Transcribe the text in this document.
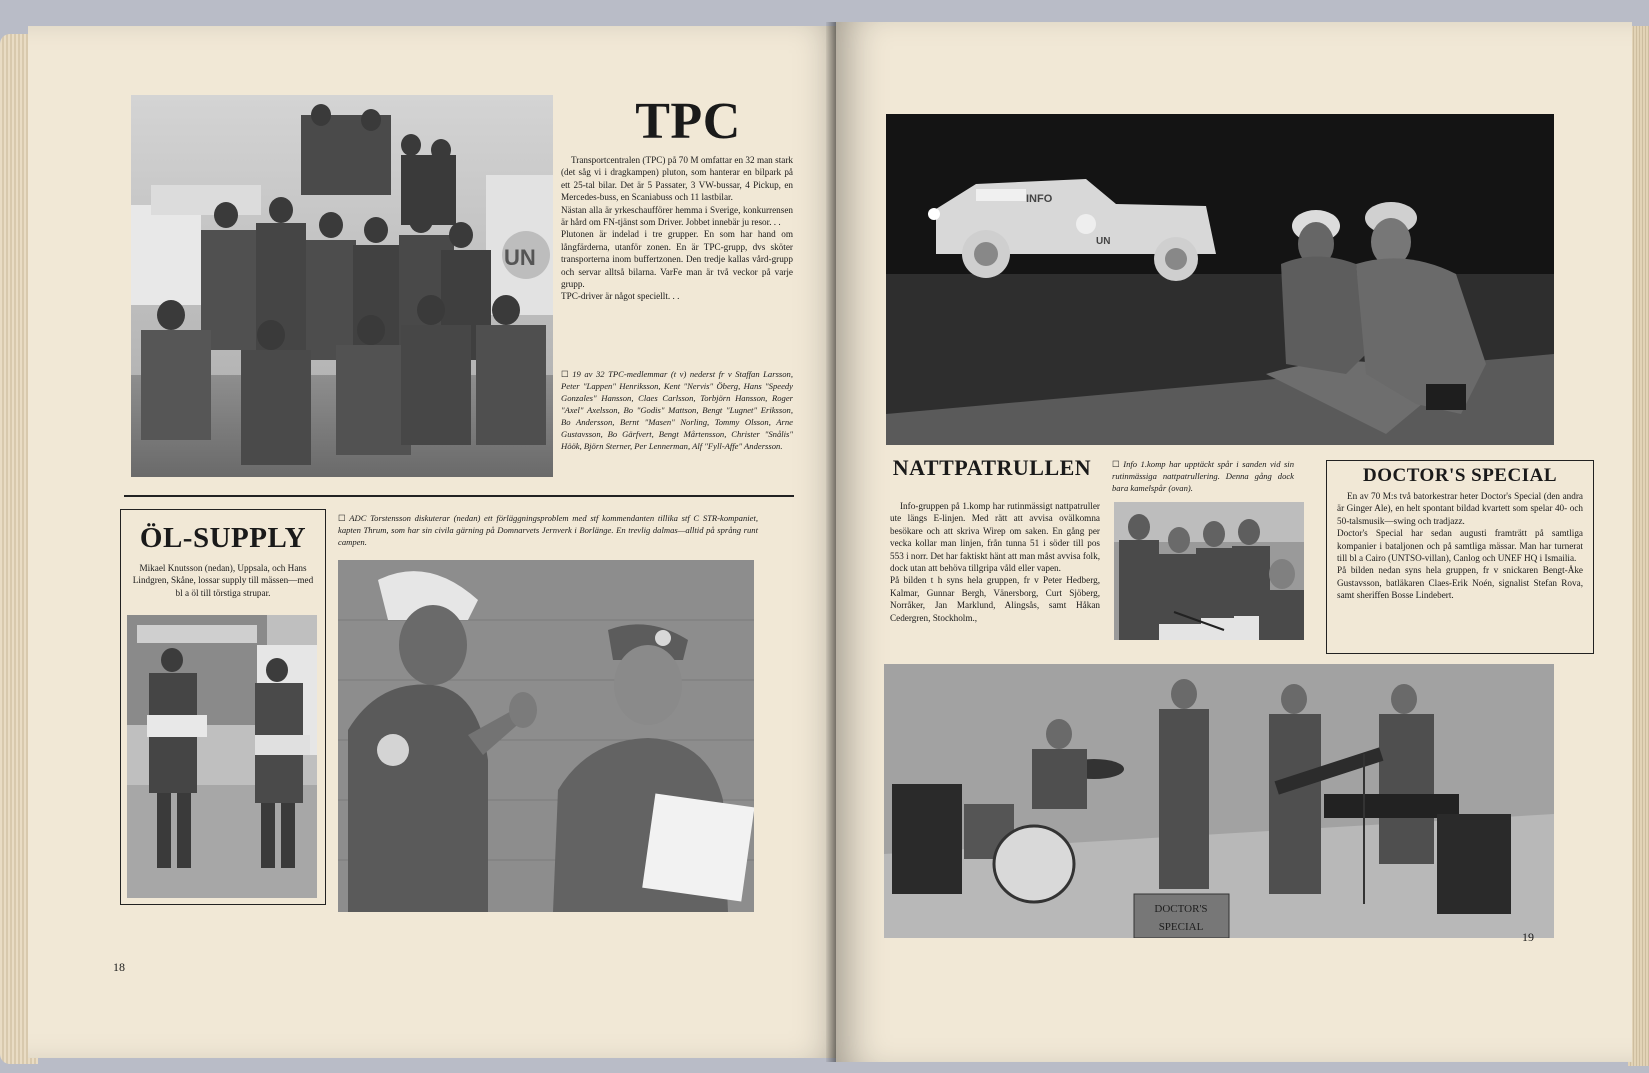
UN
TPC

Transportcentralen (TPC) på 70 M omfattar en 32 man stark (det såg vi i dragkampen) pluton, som hanterar en bilpark på ett 25-tal bilar. Det är 5 Passater, 3 VW-bussar, 4 Pickup, en Mercedes-buss, en Scaniabuss och 11 lastbilar.
Nästan alla är yrkeschaufförer hemma i Sverige, konkurrensen är hård om FN-tjänst som Driver. Jobbet innebär ju resor. . .
Plutonen är indelad i tre grupper. En som har hand om långfärderna, utanför zonen. En är TPC-grupp, dvs sköter transporterna inom buffertzonen. Den tredje kallas vård-grupp och servar alltså bilarna. VarFe man är två veckor på varje grupp.
TPC-driver är något speciellt. . .

☐ 19 av 32 TPC-medlemmar (t v) nederst fr v Staffan Larsson, Peter "Lappen" Henriksson, Kent "Nervis" Öberg, Hans "Speedy Gonzales" Hansson, Claes Carlsson, Torbjörn Hansson, Roger "Axel" Axelsson, Bo "Godis" Mattson, Bengt "Lugnet" Eriksson, Bo Andersson, Bernt "Masen" Norling, Tommy Olsson, Arne Gustavsson, Bo Gärfvert, Bengt Mårtensson, Christer "Snålis" Höök, Björn Sterner, Per Lennerman, Alf "Fyll-Affe" Andersson.

ÖL-SUPPLY

Mikael Knutsson (nedan), Uppsala, och Hans Lindgren, Skåne, lossar supply till mässen—med bl a öl till törstiga strupar.

☐ ADC Torstensson diskuterar (nedan) ett förläggningsproblem med stf kommendanten tillika stf C STR-kompaniet, kapten Thrum, som har sin civila gärning på Domnarvets Jernverk i Borlänge. En trevlig dalmas—alltid på språng runt campen.

18
INFO
UN
NATTPATRULLEN

Info-gruppen på 1.komp har rutinmässigt nattpatruller ute längs E-linjen. Med rätt att avvisa ovälkomna besökare och att skriva Wirep om saken. En gång per vecka kollar man linjen, från tunna 51 i söder till pos 553 i norr. Det har faktiskt hänt att man måst avvisa folk, dock utan att behöva tillgripa våld eller vapen.
På bilden t h syns hela gruppen, fr v Peter Hedberg, Kalmar, Gunnar Bergh, Vänersborg, Curt Sjöberg, Norråker, Jan Marklund, Alingsås, samt Håkan Cedergren, Stockholm.,

☐ Info 1.komp har upptäckt spår i sanden vid sin rutinmässiga nattpatrullering. Denna gång dock bara kamelspår (ovan).

DOCTOR'S SPECIAL

En av 70 M:s två batorkestrar heter Doctor's Special (den andra är Ginger Ale), en helt spontant bildad kvartett som spelar 40- och 50-talsmusik—swing och tradjazz.
Doctor's Special har sedan augusti framträtt på samtliga kompanier i bataljonen och på samtliga mässar. Man har turnerat till bl a Cairo (UNTSO-villan), Canlog och UNEF HQ i Ismailia.
På bilden nedan syns hela gruppen, fr v snickaren Bengt-Åke Gustavsson, batläkaren Claes-Erik Noén, signalist Stefan Rova, samt sheriffen Bosse Lindebert.

DOCTOR'S
SPECIAL
19
